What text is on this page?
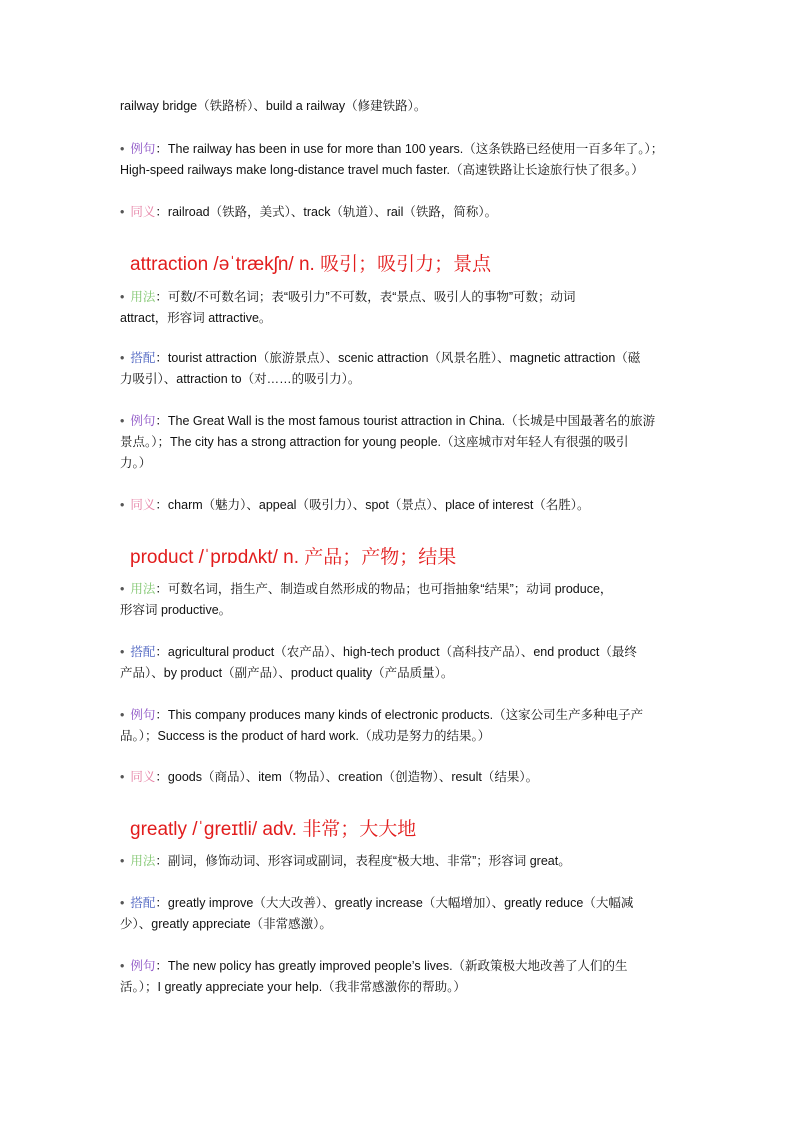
railway bridge（铁路桥）、build a railway（修建铁路）。
• 例句：The railway has been in use for more than 100 years.（这条铁路已经使用一百多年了。）；
High-speed railways make long-distance travel much faster.（高速铁路让长途旅行快了很多。）
• 同义：railroad（铁路，美式）、track（轨道）、rail（铁路，简称）。
attraction /əˈtrækʃn/ n. 吸引；吸引力；景点
• 用法：可数/不可数名词；表“吸引力”不可数，表“景点、吸引人的事物”可数；动词
attract，形容词 attractive。
• 搭配：tourist attraction（旅游景点）、scenic attraction（风景名胜）、magnetic attraction（磁
力吸引）、attraction to（对……的吸引力）。
• 例句：The Great Wall is the most famous tourist attraction in China.（长城是中国最著名的旅游
景点。）；The city has a strong attraction for young people.（这座城市对年轻人有很强的吸引
力。）
• 同义：charm（魅力）、appeal（吸引力）、spot（景点）、place of interest（名胜）。
product /ˈprɒdʌkt/ n. 产品；产物；结果
• 用法：可数名词，指生产、制造或自然形成的物品；也可指抽象“结果”；动词 produce，
形容词 productive。
• 搭配：agricultural product（农产品）、high-tech product（高科技产品）、end product（最终
产品）、by product（副产品）、product quality（产品质量）。
• 例句：This company produces many kinds of electronic products.（这家公司生产多种电子产
品。）；Success is the product of hard work.（成功是努力的结果。）
• 同义：goods（商品）、item（物品）、creation（创造物）、result（结果）。
greatly /ˈɡreɪtli/ adv. 非常；大大地
• 用法：副词，修饰动词、形容词或副词，表程度“极大地、非常”；形容词 great。
• 搭配：greatly improve（大大改善）、greatly increase（大幅增加）、greatly reduce（大幅减
少）、greatly appreciate（非常感激）。
• 例句：The new policy has greatly improved people’s lives.（新政策极大地改善了人们的生
活。）；I greatly appreciate your help.（我非常感激你的帮助。）
